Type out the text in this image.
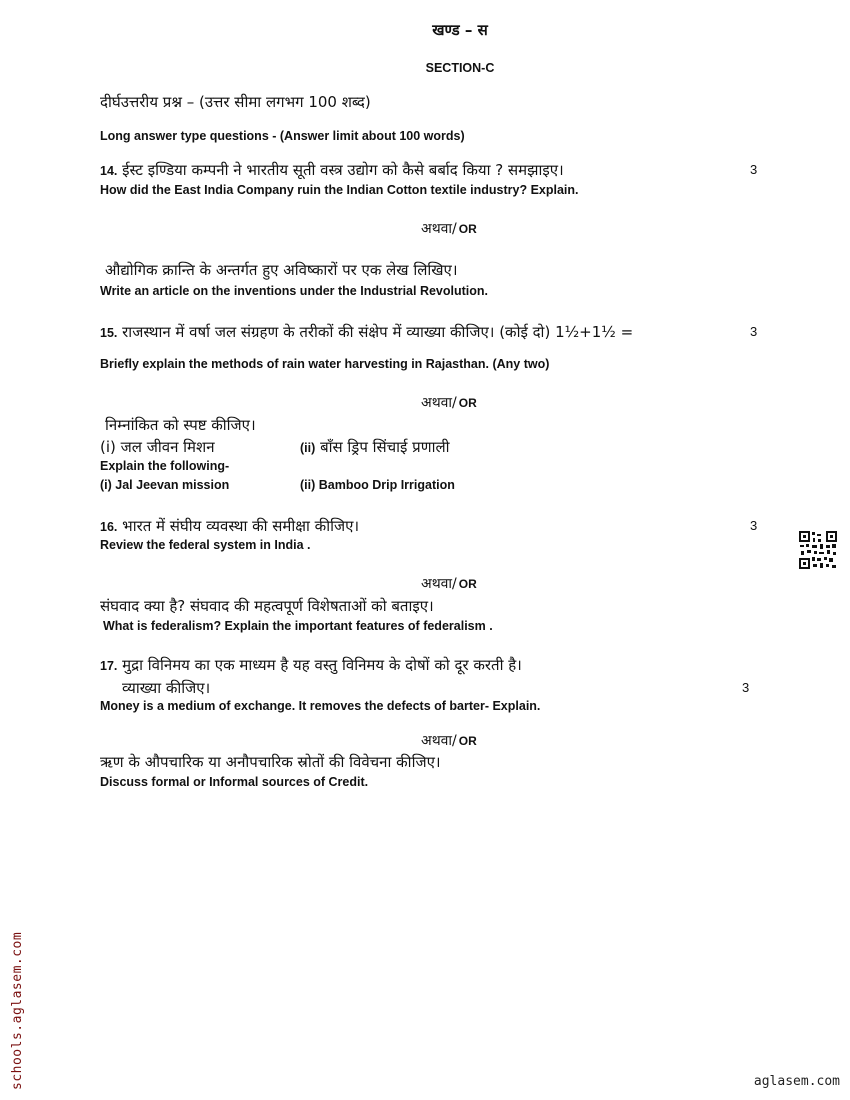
खण्ड – स
SECTION-C
दीर्घउत्तरीय प्रश्न – (उत्तर सीमा लगभग 100 शब्द)
Long answer type questions - (Answer limit about 100 words)
14. ईस्ट इण्डिया कम्पनी ने भारतीय सूती वस्त्र उद्योग को कैसे बर्बाद किया ? समझाइए।	3
How did the East India Company ruin the Indian Cotton textile industry? Explain.
अथवा/ OR
औद्योगिक क्रान्ति के अन्तर्गत हुए अविष्कारों पर एक लेख लिखिए।
Write an article on the inventions under the Industrial Revolution.
15. राजस्थान में वर्षा जल संग्रहण के तरीकों की संक्षेप में व्याख्या कीजिए। (कोई दो) 1½+1½ =	3
Briefly explain the methods of rain water harvesting in Rajasthan. (Any two)
अथवा/ OR
निम्नांकित को स्पष्ट कीजिए।
(i) जल जीवन मिशन	(ii) बाँस ड्रिप सिंचाई प्रणाली
Explain the following-
(i) Jal Jeevan mission	(ii) Bamboo Drip Irrigation
16. भारत में संघीय व्यवस्था की समीक्षा कीजिए।	3
Review the federal system in India .
अथवा/ OR
संघवाद क्या है? संघवाद की महत्वपूर्ण विशेषताओं को बताइए।
What is federalism? Explain the important features of federalism .
17. मुद्रा विनिमय का एक माध्यम है यह वस्तु विनिमय के दोषों को दूर करती है।
व्याख्या कीजिए।	3
Money is a medium of exchange. It removes the defects of barter- Explain.
अथवा/ OR
ऋण के औपचारिक या अनौपचारिक स्रोतों की विवेचना कीजिए।
Discuss formal or Informal sources of Credit.
schools.aglasem.com	aglasem.com
